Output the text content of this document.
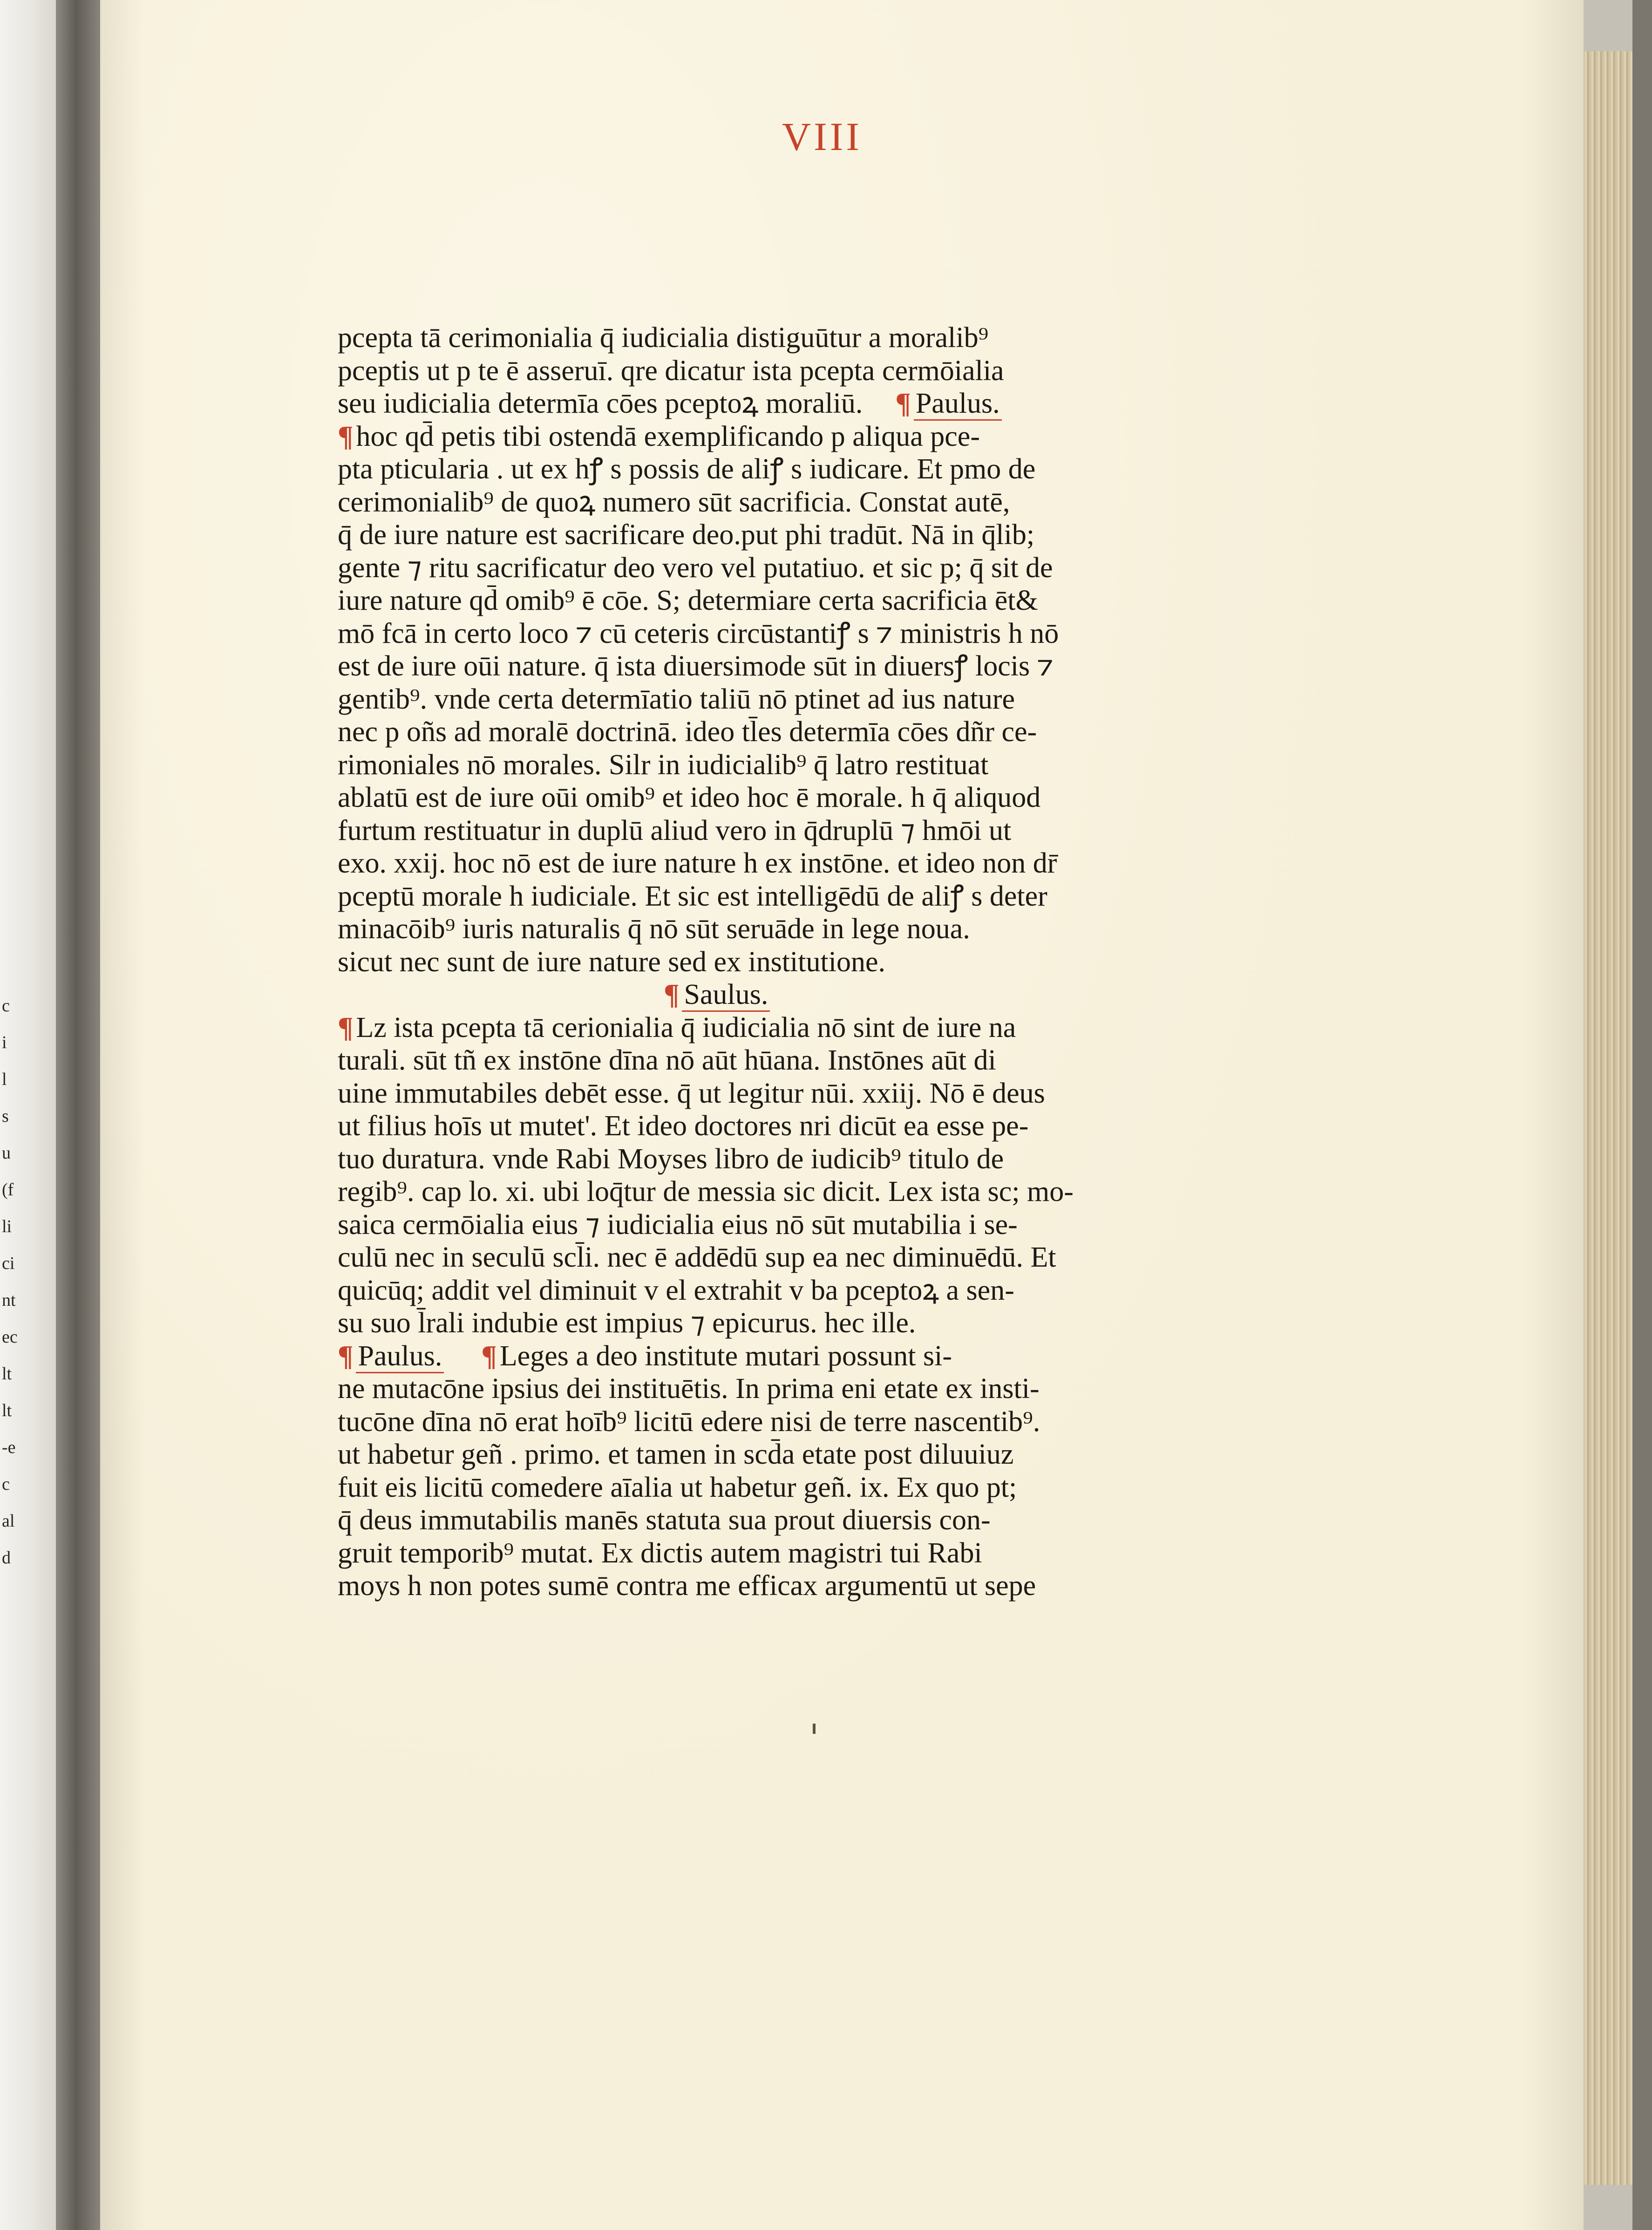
c
i
l
s
u
(f
li
ci
nt
ec
lt
lt
-e
c
al
d
VIII
pcepta tā cerimonialia q̄ iudicialia distiguūtur a moralib⁹
pceptis ut p te ē asseruī. qre dicatur ista pcepta cermōialia
seu iudicialia determīa cōes pceptoꝝ moraliū. ¶ Paulus.
¶hoc qd̄ petis tibi ostendā exemplificando p aliqua pce-
pta pticularia . ut ex hꝭ s possis de aliꝭ s iudicare. Et pmo de
cerimonialib⁹ de quoꝝ numero sūt sacrificia. Constat autē,
q̄ de iure nature est sacrificare deo.put phi tradūt. Nā in q̄lib;
gente ⁊ ritu sacrificatur deo vero vel putatiuo. et sic p; q̄ sit de
iure nature qd̄ omib⁹ ē cōe. S; determiare certa sacrificia ēt&
mō fcā in certo loco ⁊ cū ceteris circūstantiꝭ s ⁊ ministris h nō
est de iure oūi nature. q̄ ista diuersimode sūt in diuersꝭ locis ⁊
gentib⁹. vnde certa determīatio taliū nō ptinet ad ius nature
nec p oñs ad moralē doctrinā. ideo tl̄es determīa cōes dñr ce-
rimoniales nō morales. Silr in iudicialib⁹ q̄ latro restituat
ablatū est de iure oūi omib⁹ et ideo hoc ē morale. h q̄ aliquod
furtum restituatur in duplū aliud vero in q̄druplū ⁊ hmōi ut
exo. xxij. hoc nō est de iure nature h ex instōne. et ideo non dr̄
pceptū morale h iudiciale. Et sic est intelligēdū de aliꝭ s deter
minacōib⁹ iuris naturalis q̄ nō sūt seruāde in lege noua.
sicut nec sunt de iure nature sed ex institutione.
¶ Saulus.
¶Lz ista pcepta tā cerionialia q̄ iudicialia nō sint de iure na
turali. sūt tñ ex instōne dīna nō aūt hūana. Instōnes aūt di
uine immutabiles debēt esse. q̄ ut legitur nūi. xxiij. Nō ē deus
ut filius hoīs ut mutet'. Et ideo doctores nri dicūt ea esse pe-
tuo duratura. vnde Rabi Moyses libro de iudicib⁹ titulo de
regib⁹. cap lo. xi. ubi loq̄tur de messia sic dicit. Lex ista sc; mo-
saica cermōialia eius ⁊ iudicialia eius nō sūt mutabilia i se-
culū nec in seculū scl̄i. nec ē addēdū sup ea nec diminuēdū. Et
quicūq; addit vel diminuit v el extrahit v ba pceptoꝝ a sen-
su suo l̄rali indubie est impius ⁊ epicurus. hec ille.
¶ Paulus. ¶Leges a deo institute mutari possunt si-
ne mutacōne ipsius dei instituētis. In prima eni etate ex insti-
tucōne dīna nō erat hoīb⁹ licitū edere nisi de terre nascentib⁹.
ut habetur geñ . primo. et tamen in scd̄a etate post diluuiuz
fuit eis licitū comedere aīalia ut habetur geñ. ix. Ex quo pt;
q̄ deus immutabilis manēs statuta sua prout diuersis con-
gruit temporib⁹ mutat. Ex dictis autem magistri tui Rabi
moys h non potes sumē contra me efficax argumentū ut sepe
